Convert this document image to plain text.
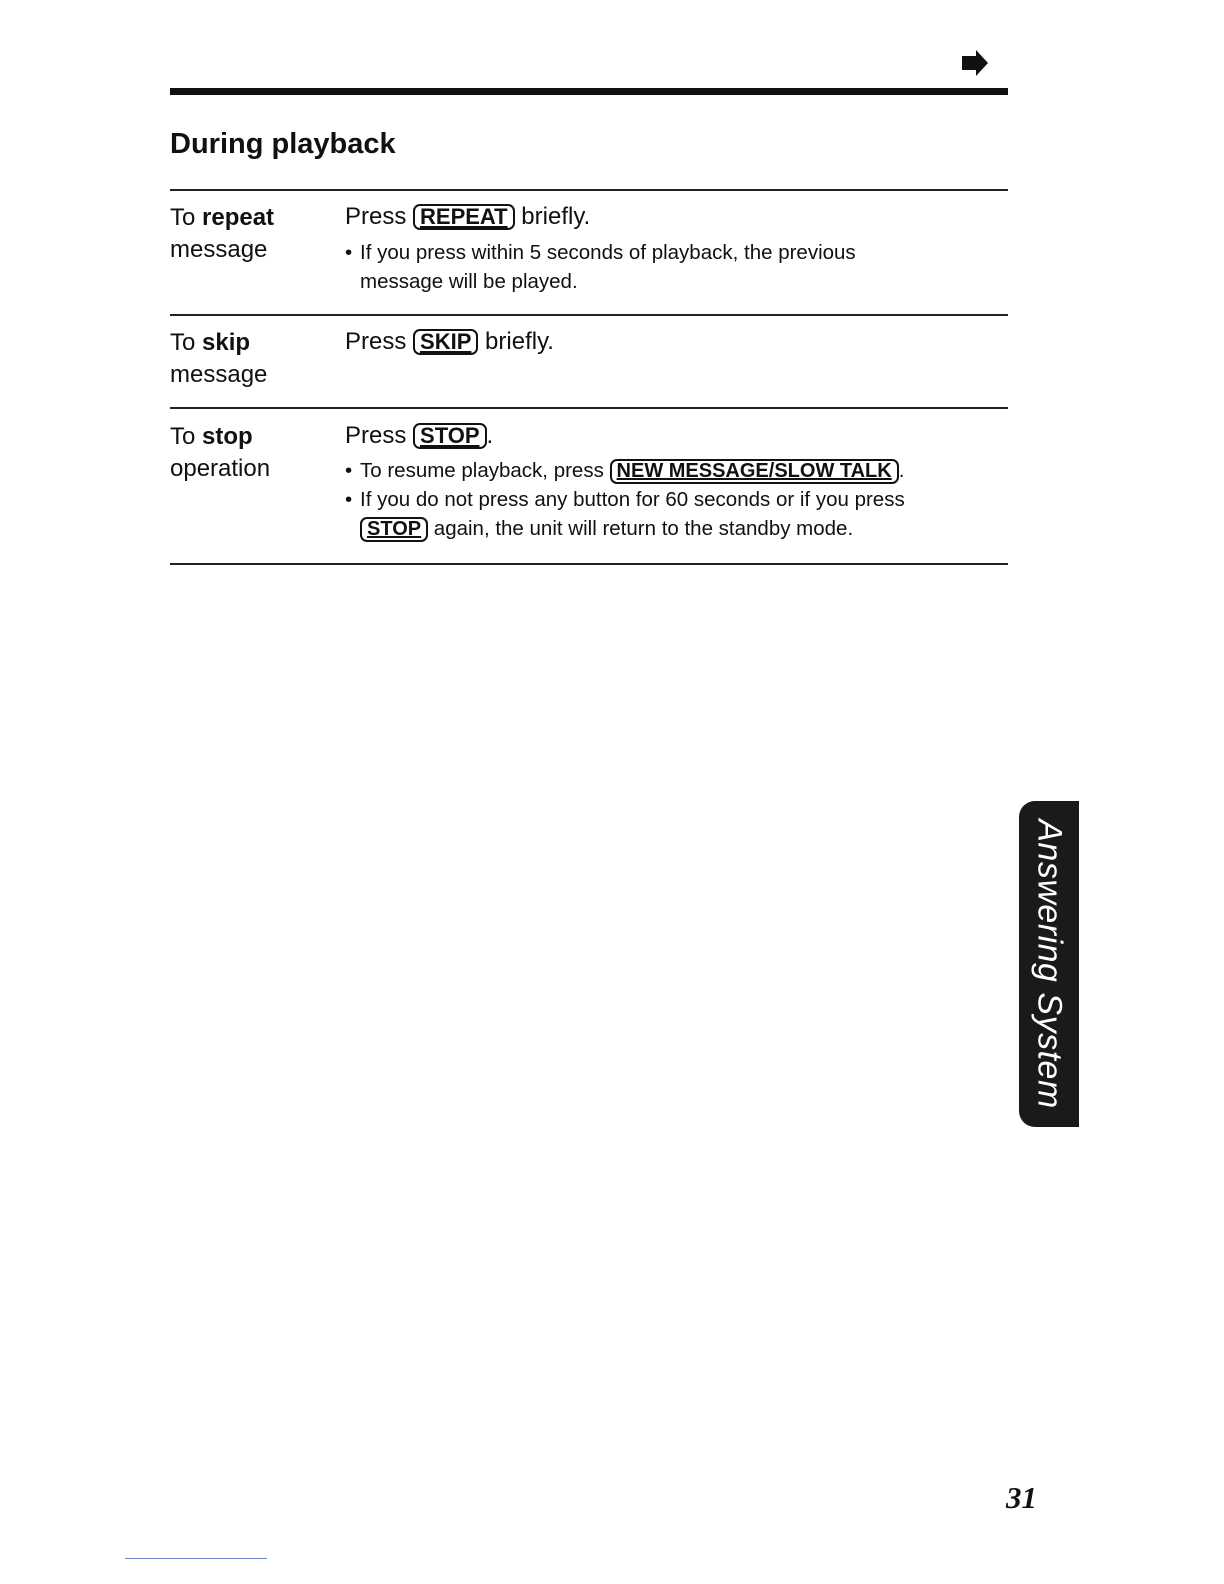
During playback
To repeat
message
Press REPEAT briefly.
• If you press within 5 seconds of playback, the previous
message will be played.
To skip
message
Press SKIP briefly.
To stop
operation
Press STOP .
• To resume playback, press NEW MESSAGE/SLOW TALK .
• If you do not press any button for 60 seconds or if you press
STOP again, the unit will return to the standby mode.
Answering System
31
